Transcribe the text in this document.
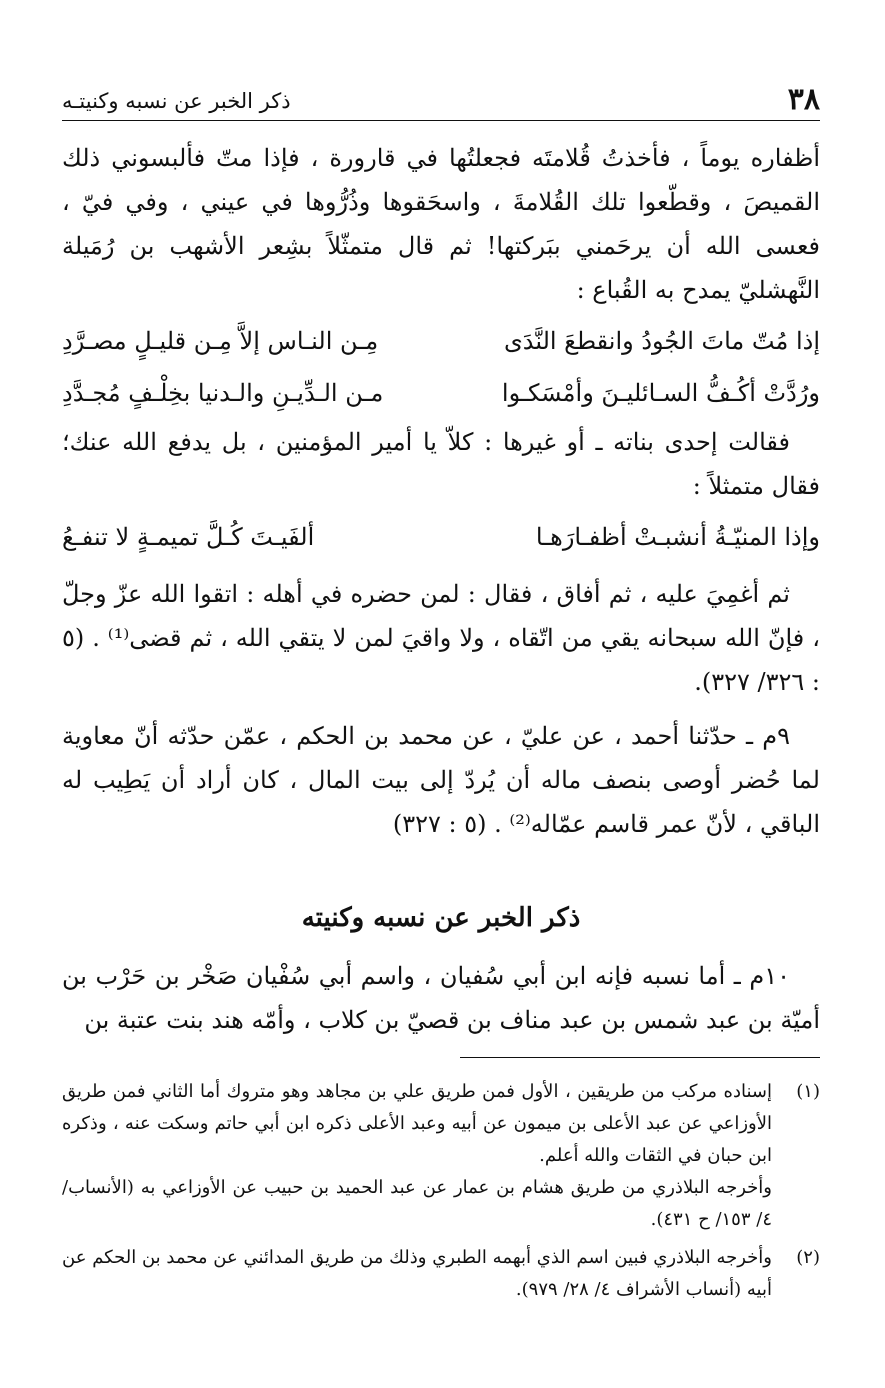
٣٨
ذكر الخبر عن نسبه وكنيتـه

أظفاره يوماً ، فأخذتُ قُلامتَه فجعلتُها في قارورة ، فإذا متّ فألبسوني ذلك القميصَ ، وقطّعوا تلك القُلامةَ ، واسحَقوها وذُرُّوها في عيني ، وفي فيّ ، فعسى الله أن يرحَمني ببَركتها! ثم قال متمثّلاً بشِعر الأشهب بن رُمَيلة النَّهشليّ يمدح به القُباع :

إذا مُتّ ماتَ الجُودُ وانقطعَ النَّدَى
مِـن النـاس إلاَّ مِـن قليـلٍ مصـرَّدِ
ورُدَّتْ أكُـفُّ السـائليـنَ وأمْسَكـوا
مـن الـدِّيـنِ والـدنيا بخِلْـفٍ مُجـدَّدِ

فقالت إحدى بناته ـ أو غيرها : كلاّ يا أمير المؤمنين ، بل يدفع الله عنك؛ فقال متمثلاً :

وإذا المنيّـةُ أنشبـتْ أظفـارَهـا
ألفَيـتَ كُـلَّ تميمـةٍ لا تنفـعُ

ثم أغمِيَ عليه ، ثم أفاق ، فقال : لمن حضره في أهله : اتقوا الله عزّ وجلّ ، فإنّ الله سبحانه يقي من اتّقاه ، ولا واقيَ لمن لا يتقي الله ، ثم قضى⁽¹⁾ . (٥ : ٣٢٦/ ٣٢٧).

٩م ـ حدّثنا أحمد ، عن عليّ ، عن محمد بن الحكم ، عمّن حدّثه أنّ معاوية لما حُضر أوصى بنصف ماله أن يُردّ إلى بيت المال ، كان أراد أن يَطِيب له الباقي ، لأنّ عمر قاسم عمّاله⁽²⁾ . (٥ : ٣٢٧)

ذكر الخبر عن نسبه وكنيته

١٠م ـ أما نسبه فإنه ابن أبي سُفيان ، واسم أبي سُفْيان صَخْر بن حَرْب بن أميّة بن عبد شمس بن عبد مناف بن قصيّ بن كلاب ، وأمّه هند بنت عتبة بن

(١)
إسناده مركب من طريقين ، الأول فمن طريق علي بن مجاهد وهو متروك أما الثاني فمن طريق الأوزاعي عن عبد الأعلى بن ميمون عن أبيه وعبد الأعلى ذكره ابن أبي حاتم وسكت عنه ، وذكره ابن حبان في الثقات والله أعلم.
وأخرجه البلاذري من طريق هشام بن عمار عن عبد الحميد بن حبيب عن الأوزاعي به (الأنساب/ ٤/ ١٥٣/ ح ٤٣١).
(٢)
وأخرجه البلاذري فبين اسم الذي أبهمه الطبري وذلك من طريق المدائني عن محمد بن الحكم عن أبيه (أنساب الأشراف ٤/ ٢٨/ ٩٧٩).
